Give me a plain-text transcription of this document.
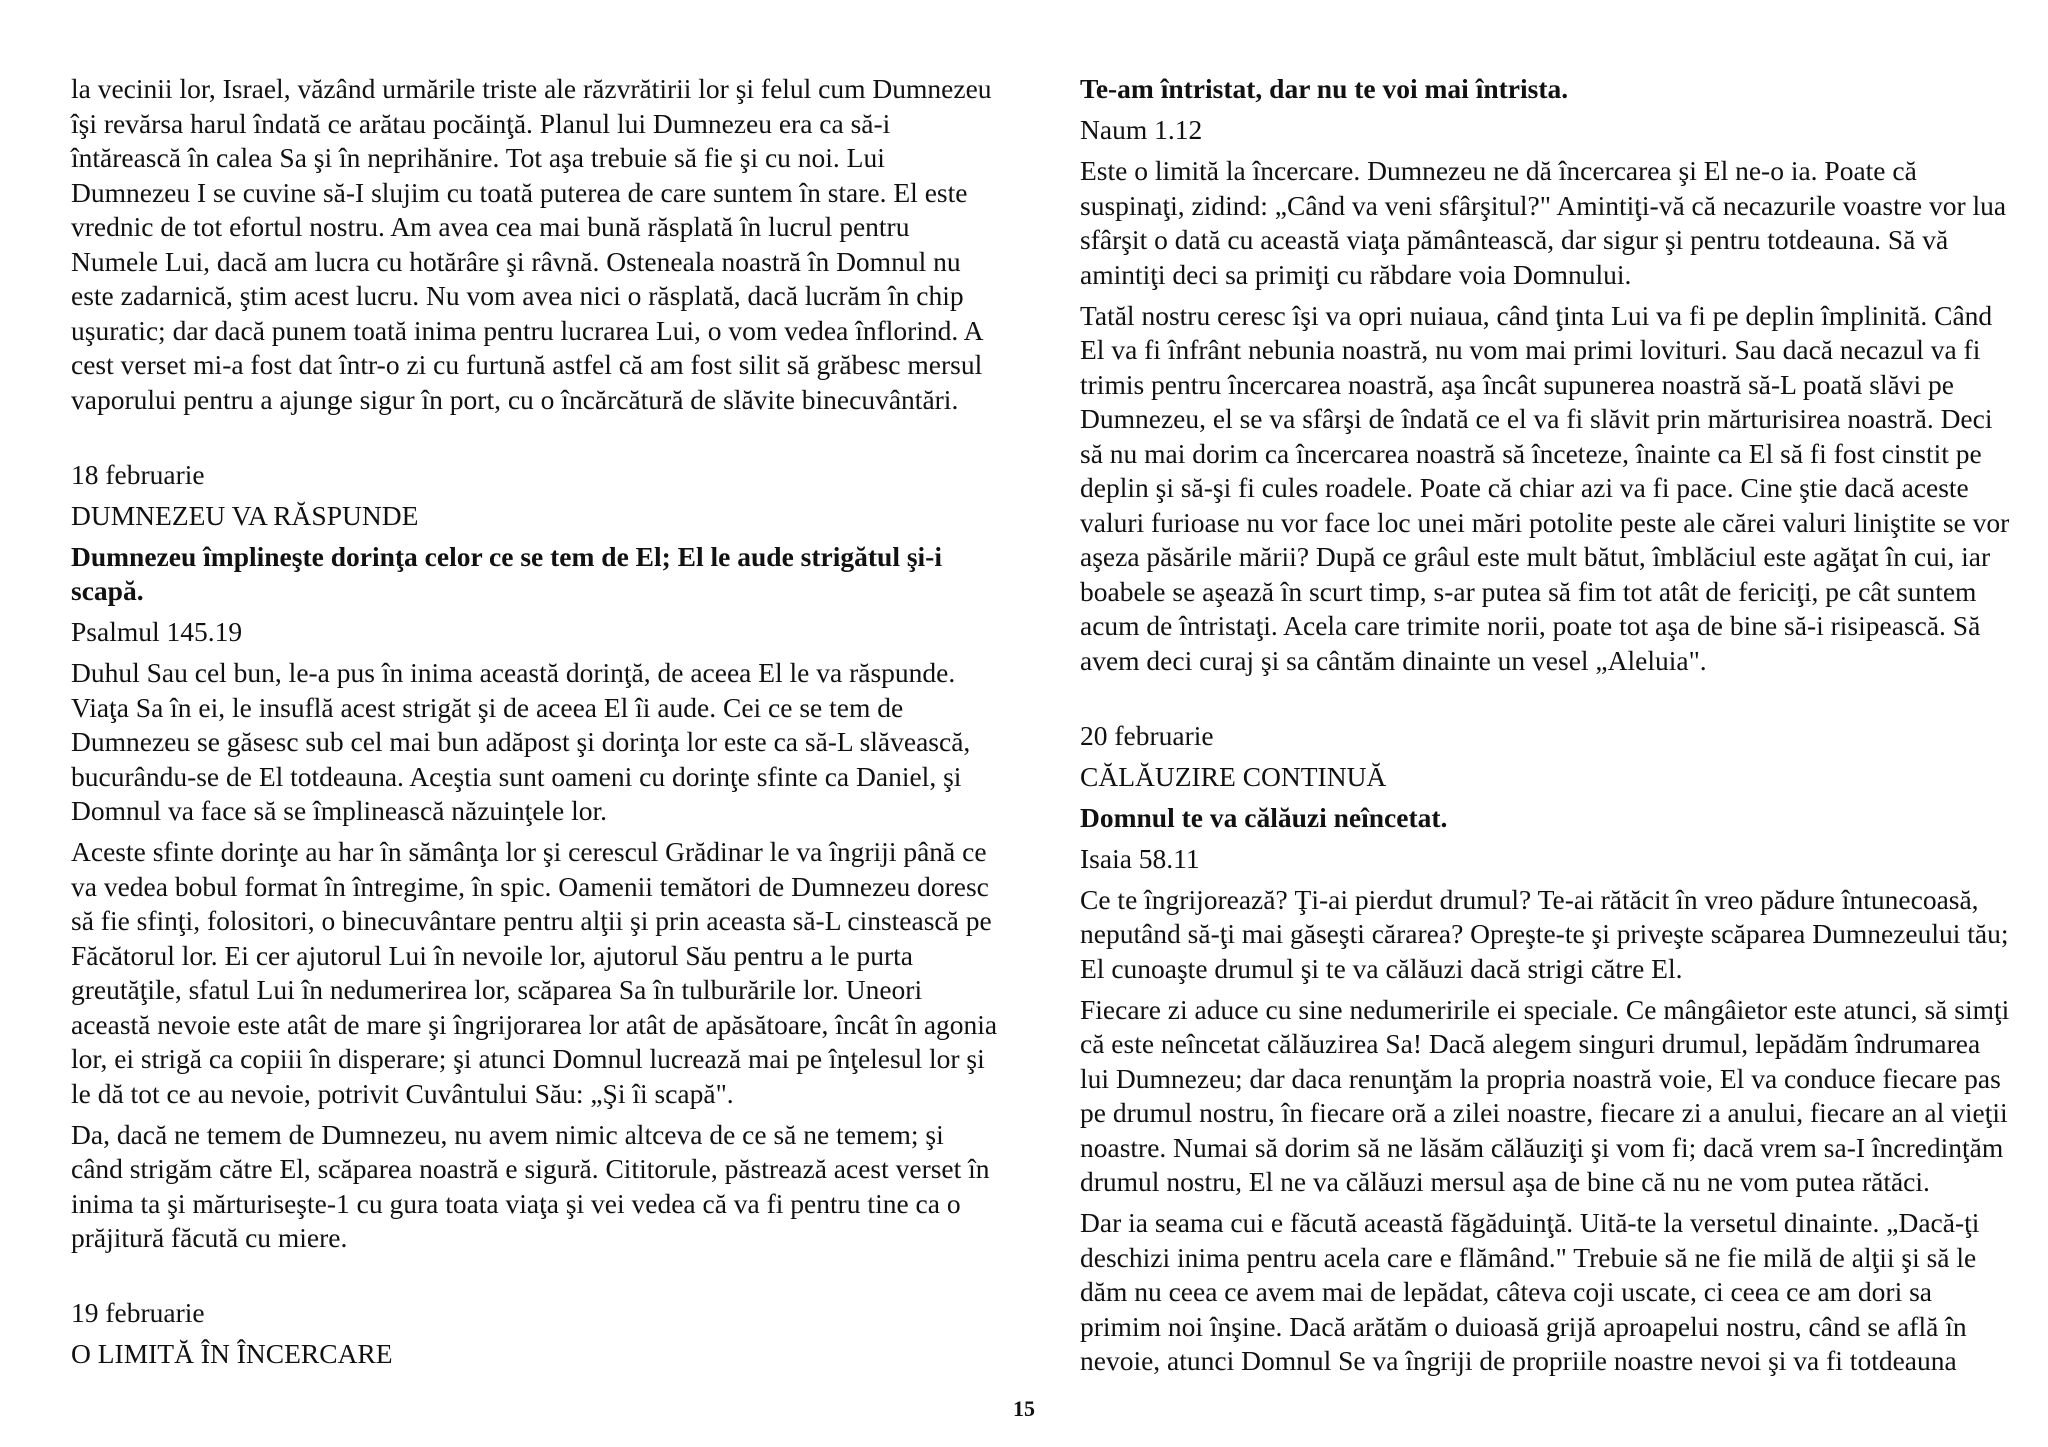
la vecinii lor, Israel, văzând urmările triste ale răzvrătirii lor şi felul cum Dumnezeu îşi revărsa harul îndată ce arătau pocăinţă. Planul lui Dumnezeu era ca să-i întărească în calea Sa şi în neprihănire. Tot aşa trebuie să fie şi cu noi. Lui Dumnezeu I se cuvine să-I slujim cu toată puterea de care suntem în stare. El este vrednic de tot efortul nostru. Am avea cea mai bună răsplată în lucrul pentru Numele Lui, dacă am lucra cu hotărâre şi râvnă. Osteneala noastră în Domnul nu este zadarnică, ştim acest lucru. Nu vom avea nici o răsplată, dacă lucrăm în chip uşuratic; dar dacă punem toată inima pentru lucrarea Lui, o vom vedea înflorind. A cest verset mi-a fost dat într-o zi cu furtună astfel că am fost silit să grăbesc mersul vaporului pentru a ajunge sigur în port, cu o încărcătură de slăvite binecuvântări.

18 februarie

DUMNEZEU VA RĂSPUNDE

Dumnezeu împlineşte dorinţa celor ce se tem de El; El le aude strigătul şi-i scapă.

Psalmul 145.19

Duhul Sau cel bun, le-a pus în inima această dorinţă, de aceea El le va răspunde. Viaţa Sa în ei, le insuflă acest strigăt şi de aceea El îi aude. Cei ce se tem de Dumnezeu se găsesc sub cel mai bun adăpost şi dorinţa lor este ca să-L slăvească, bucurându-se de El totdeauna. Aceştia sunt oameni cu dorinţe sfinte ca Daniel, şi Domnul va face să se împlinească năzuinţele lor.

Aceste sfinte dorinţe au har în sămânţa lor şi cerescul Grădinar le va îngriji până ce va vedea bobul format în întregime, în spic. Oamenii temători de Dumnezeu doresc să fie sfinţi, folositori, o binecuvântare pentru alţii şi prin aceasta să-L cinstească pe Făcătorul lor. Ei cer ajutorul Lui în nevoile lor, ajutorul Său pentru a le purta greutăţile, sfatul Lui în nedumerirea lor, scăparea Sa în tulburările lor. Uneori această nevoie este atât de mare şi îngrijorarea lor atât de apăsătoare, încât în agonia lor, ei strigă ca copiii în disperare; şi atunci Domnul lucrează mai pe înţelesul lor şi le dă tot ce au nevoie, potrivit Cuvântului Său: „Şi îi scapă".

Da, dacă ne temem de Dumnezeu, nu avem nimic altceva de ce să ne temem; şi când strigăm către El, scăparea noastră e sigură. Cititorule, păstrează acest verset în inima ta şi mărturiseşte-1 cu gura toata viaţa şi vei vedea că va fi pentru tine ca o prăjitură făcută cu miere.

19 februarie

O LIMITĂ ÎN ÎNCERCARE

Te-am întristat, dar nu te voi mai întrista.

Naum 1.12

Este o limită la încercare. Dumnezeu ne dă încercarea şi El ne-o ia. Poate că suspinaţi, zidind: „Când va veni sfârşitul?" Amintiţi-vă că necazurile voastre vor lua sfârşit o dată cu această viaţa pământească, dar sigur şi pentru totdeauna. Să vă amintiţi deci sa primiţi cu răbdare voia Domnului.

Tatăl nostru ceresc îşi va opri nuiaua, când ţinta Lui va fi pe deplin împlinită. Când El va fi înfrânt nebunia noastră, nu vom mai primi lovituri. Sau dacă necazul va fi trimis pentru încercarea noastră, aşa încât supunerea noastră să-L poată slăvi pe Dumnezeu, el se va sfârşi de îndată ce el va fi slăvit prin mărturisirea noastră. Deci să nu mai dorim ca încercarea noastră să înceteze, înainte ca El să fi fost cinstit pe deplin şi să-şi fi cules roadele. Poate că chiar azi va fi pace. Cine ştie dacă aceste valuri furioase nu vor face loc unei mări potolite peste ale cărei valuri liniştite se vor aşeza păsările mării? După ce grâul este mult bătut, îmblăciul este agăţat în cui, iar boabele se aşează în scurt timp, s-ar putea să fim tot atât de fericiţi, pe cât suntem acum de întristaţi. Acela care trimite norii, poate tot aşa de bine să-i risipească. Să avem deci curaj şi sa cântăm dinainte un vesel „Aleluia".

20 februarie

CĂLĂUZIRE CONTINUĂ

Domnul te va călăuzi neîncetat.

Isaia 58.11

Ce te îngrijorează? Ţi-ai pierdut drumul? Te-ai rătăcit în vreo pădure întunecoasă, neputând să-ţi mai găseşti cărarea? Opreşte-te şi priveşte scăparea Dumnezeului tău; El cunoaşte drumul şi te va călăuzi dacă strigi către El.

Fiecare zi aduce cu sine nedumeririle ei speciale. Ce mângâietor este atunci, să simţi că este neîncetat călăuzirea Sa! Dacă alegem singuri drumul, lepădăm îndrumarea lui Dumnezeu; dar daca renunţăm la propria noastră voie, El va conduce fiecare pas pe drumul nostru, în fiecare oră a zilei noastre, fiecare zi a anului, fiecare an al vieţii noastre. Numai să dorim să ne lăsăm călăuziţi şi vom fi; dacă vrem sa-I încredinţăm drumul nostru, El ne va călăuzi mersul aşa de bine că nu ne vom putea rătăci.

Dar ia seama cui e făcută această făgăduinţă. Uită-te la versetul dinainte. „Dacă-ţi deschizi inima pentru acela care e flămând." Trebuie să ne fie milă de alţii şi să le dăm nu ceea ce avem mai de lepădat, câteva coji uscate, ci ceea ce am dori sa primim noi înşine. Dacă arătăm o duioasă grijă aproapelui nostru, când se află în nevoie, atunci Domnul Se va îngriji de propriile noastre nevoi şi va fi totdeauna

15
